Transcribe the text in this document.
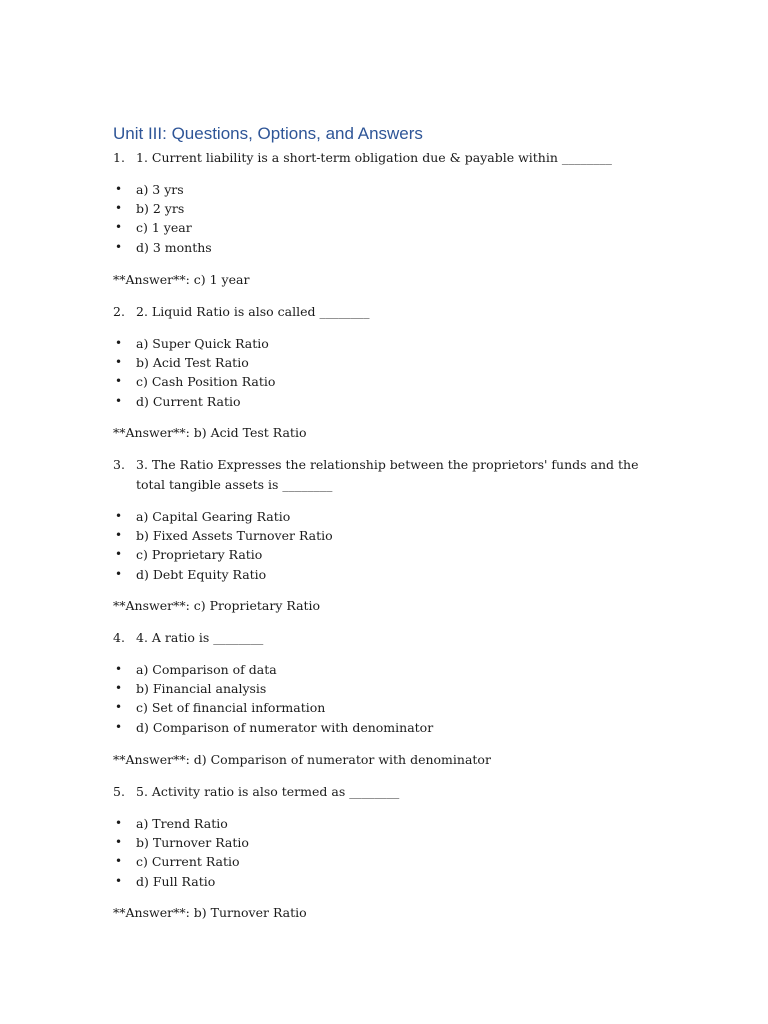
Unit III: Questions, Options, and Answers
1. 1. Current liability is a short-term obligation due & payable within ________
• a) 3 yrs
• b) 2 yrs
• c) 1 year
• d) 3 months
**Answer**: c) 1 year
2. 2. Liquid Ratio is also called ________
• a) Super Quick Ratio
• b) Acid Test Ratio
• c) Cash Position Ratio
• d) Current Ratio
**Answer**: b) Acid Test Ratio
3. 3. The Ratio Expresses the relationship between the proprietors' funds and the total tangible assets is ________
• a) Capital Gearing Ratio
• b) Fixed Assets Turnover Ratio
• c) Proprietary Ratio
• d) Debt Equity Ratio
**Answer**: c) Proprietary Ratio
4. 4. A ratio is ________
• a) Comparison of data
• b) Financial analysis
• c) Set of financial information
• d) Comparison of numerator with denominator
**Answer**: d) Comparison of numerator with denominator
5. 5. Activity ratio is also termed as ________
• a) Trend Ratio
• b) Turnover Ratio
• c) Current Ratio
• d) Full Ratio
**Answer**: b) Turnover Ratio
